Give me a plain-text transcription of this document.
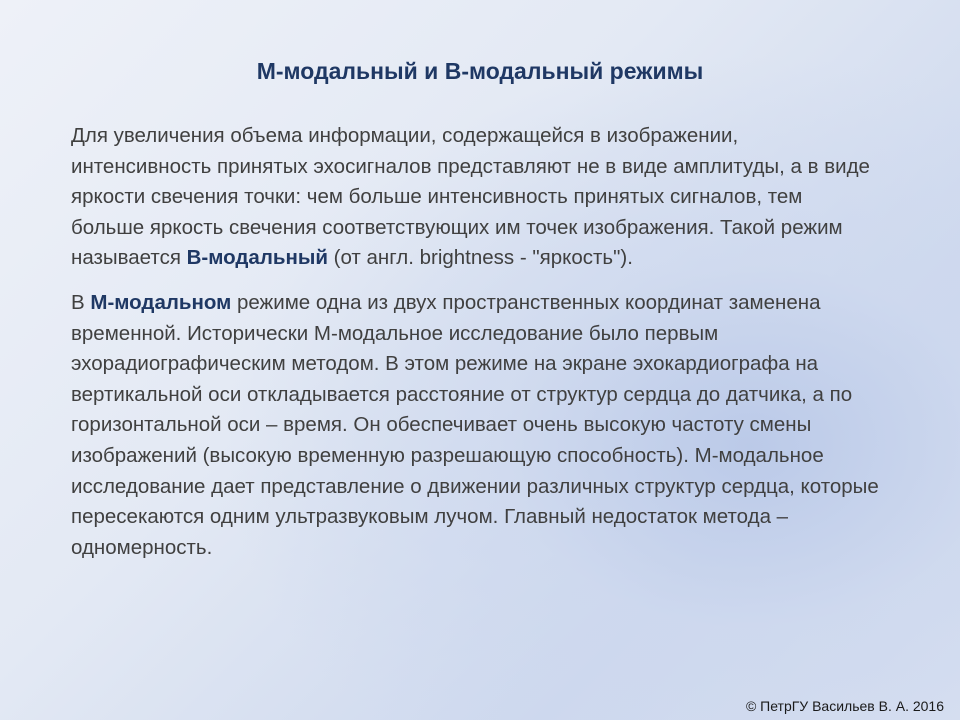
М-модальный и В-модальный режимы

Для увеличения объема информации, содержащейся в изображении, интенсивность принятых эхосигналов представляют не в виде амплитуды, а в виде яркости свечения точки: чем больше интенсивность принятых сигналов, тем больше яркость свечения соответствующих им точек изображения. Такой режим называется В-модальный (от англ. brightness - "яркость").

В М-модальном режиме одна из двух пространственных координат заменена временной. Исторически М-модальное исследование было первым эхорадиографическим методом. В этом режиме на экране эхокардиографа на вертикальной оси откладывается расстояние от структур сердца до датчика, а по горизонтальной оси – время. Он обеспечивает очень высокую частоту смены изображений (высокую временную разрешающую способность). М-модальное исследование дает представление о движении различных структур сердца, которые пересекаются одним ультразвуковым лучом. Главный недостаток метода – одномерность.

© ПетрГУ Васильев В. А. 2016
